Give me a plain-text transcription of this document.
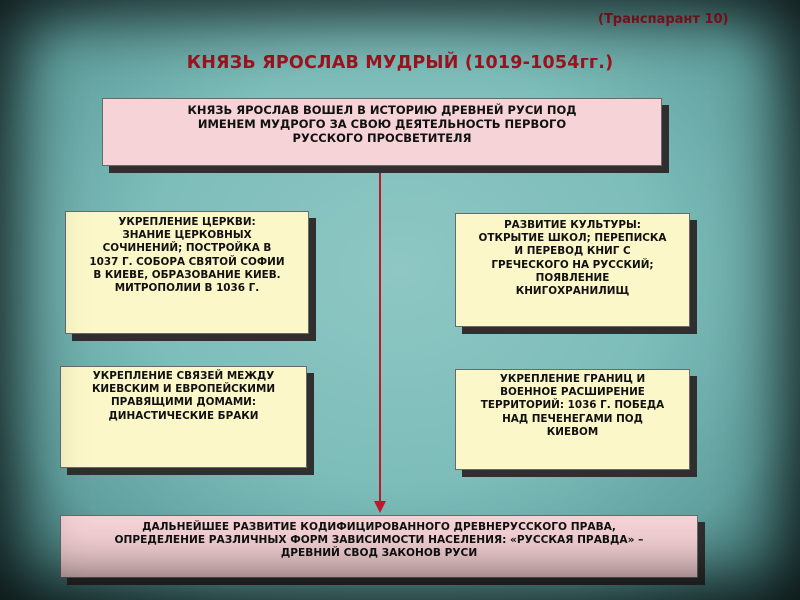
(Транспарант 10)
КНЯЗЬ ЯРОСЛАВ МУДРЫЙ (1019-1054гг.)
КНЯЗЬ ЯРОСЛАВ ВОШЕЛ В ИСТОРИЮ ДРЕВНЕЙ РУСИ ПОД
ИМЕНЕМ МУДРОГО ЗА СВОЮ ДЕЯТЕЛЬНОСТЬ ПЕРВОГО
РУССКОГО ПРОСВЕТИТЕЛЯ
УКРЕПЛЕНИЕ ЦЕРКВИ:
ЗНАНИЕ ЦЕРКОВНЫХ
СОЧИНЕНИЙ; ПОСТРОЙКА В
1037 Г. СОБОРА СВЯТОЙ СОФИИ
В КИЕВЕ, ОБРАЗОВАНИЕ КИЕВ.
МИТРОПОЛИИ В 1036 Г.
РАЗВИТИЕ КУЛЬТУРЫ:
ОТКРЫТИЕ ШКОЛ; ПЕРЕПИСКА
И ПЕРЕВОД КНИГ С
ГРЕЧЕСКОГО НА РУССКИЙ;
ПОЯВЛЕНИЕ
КНИГОХРАНИЛИЩ
УКРЕПЛЕНИЕ СВЯЗЕЙ МЕЖДУ
КИЕВСКИМ И ЕВРОПЕЙСКИМИ
ПРАВЯЩИМИ ДОМАМИ:
ДИНАСТИЧЕСКИЕ БРАКИ
УКРЕПЛЕНИЕ ГРАНИЦ И
ВОЕННОЕ РАСШИРЕНИЕ
ТЕРРИТОРИЙ: 1036 Г. ПОБЕДА
НАД ПЕЧЕНЕГАМИ ПОД
КИЕВОМ
ДАЛЬНЕЙШЕЕ РАЗВИТИЕ КОДИФИЦИРОВАННОГО ДРЕВНЕРУССКОГО ПРАВА,
ОПРЕДЕЛЕНИЕ РАЗЛИЧНЫХ ФОРМ ЗАВИСИМОСТИ НАСЕЛЕНИЯ: «РУССКАЯ ПРАВДА» –
ДРЕВНИЙ СВОД ЗАКОНОВ РУСИ
